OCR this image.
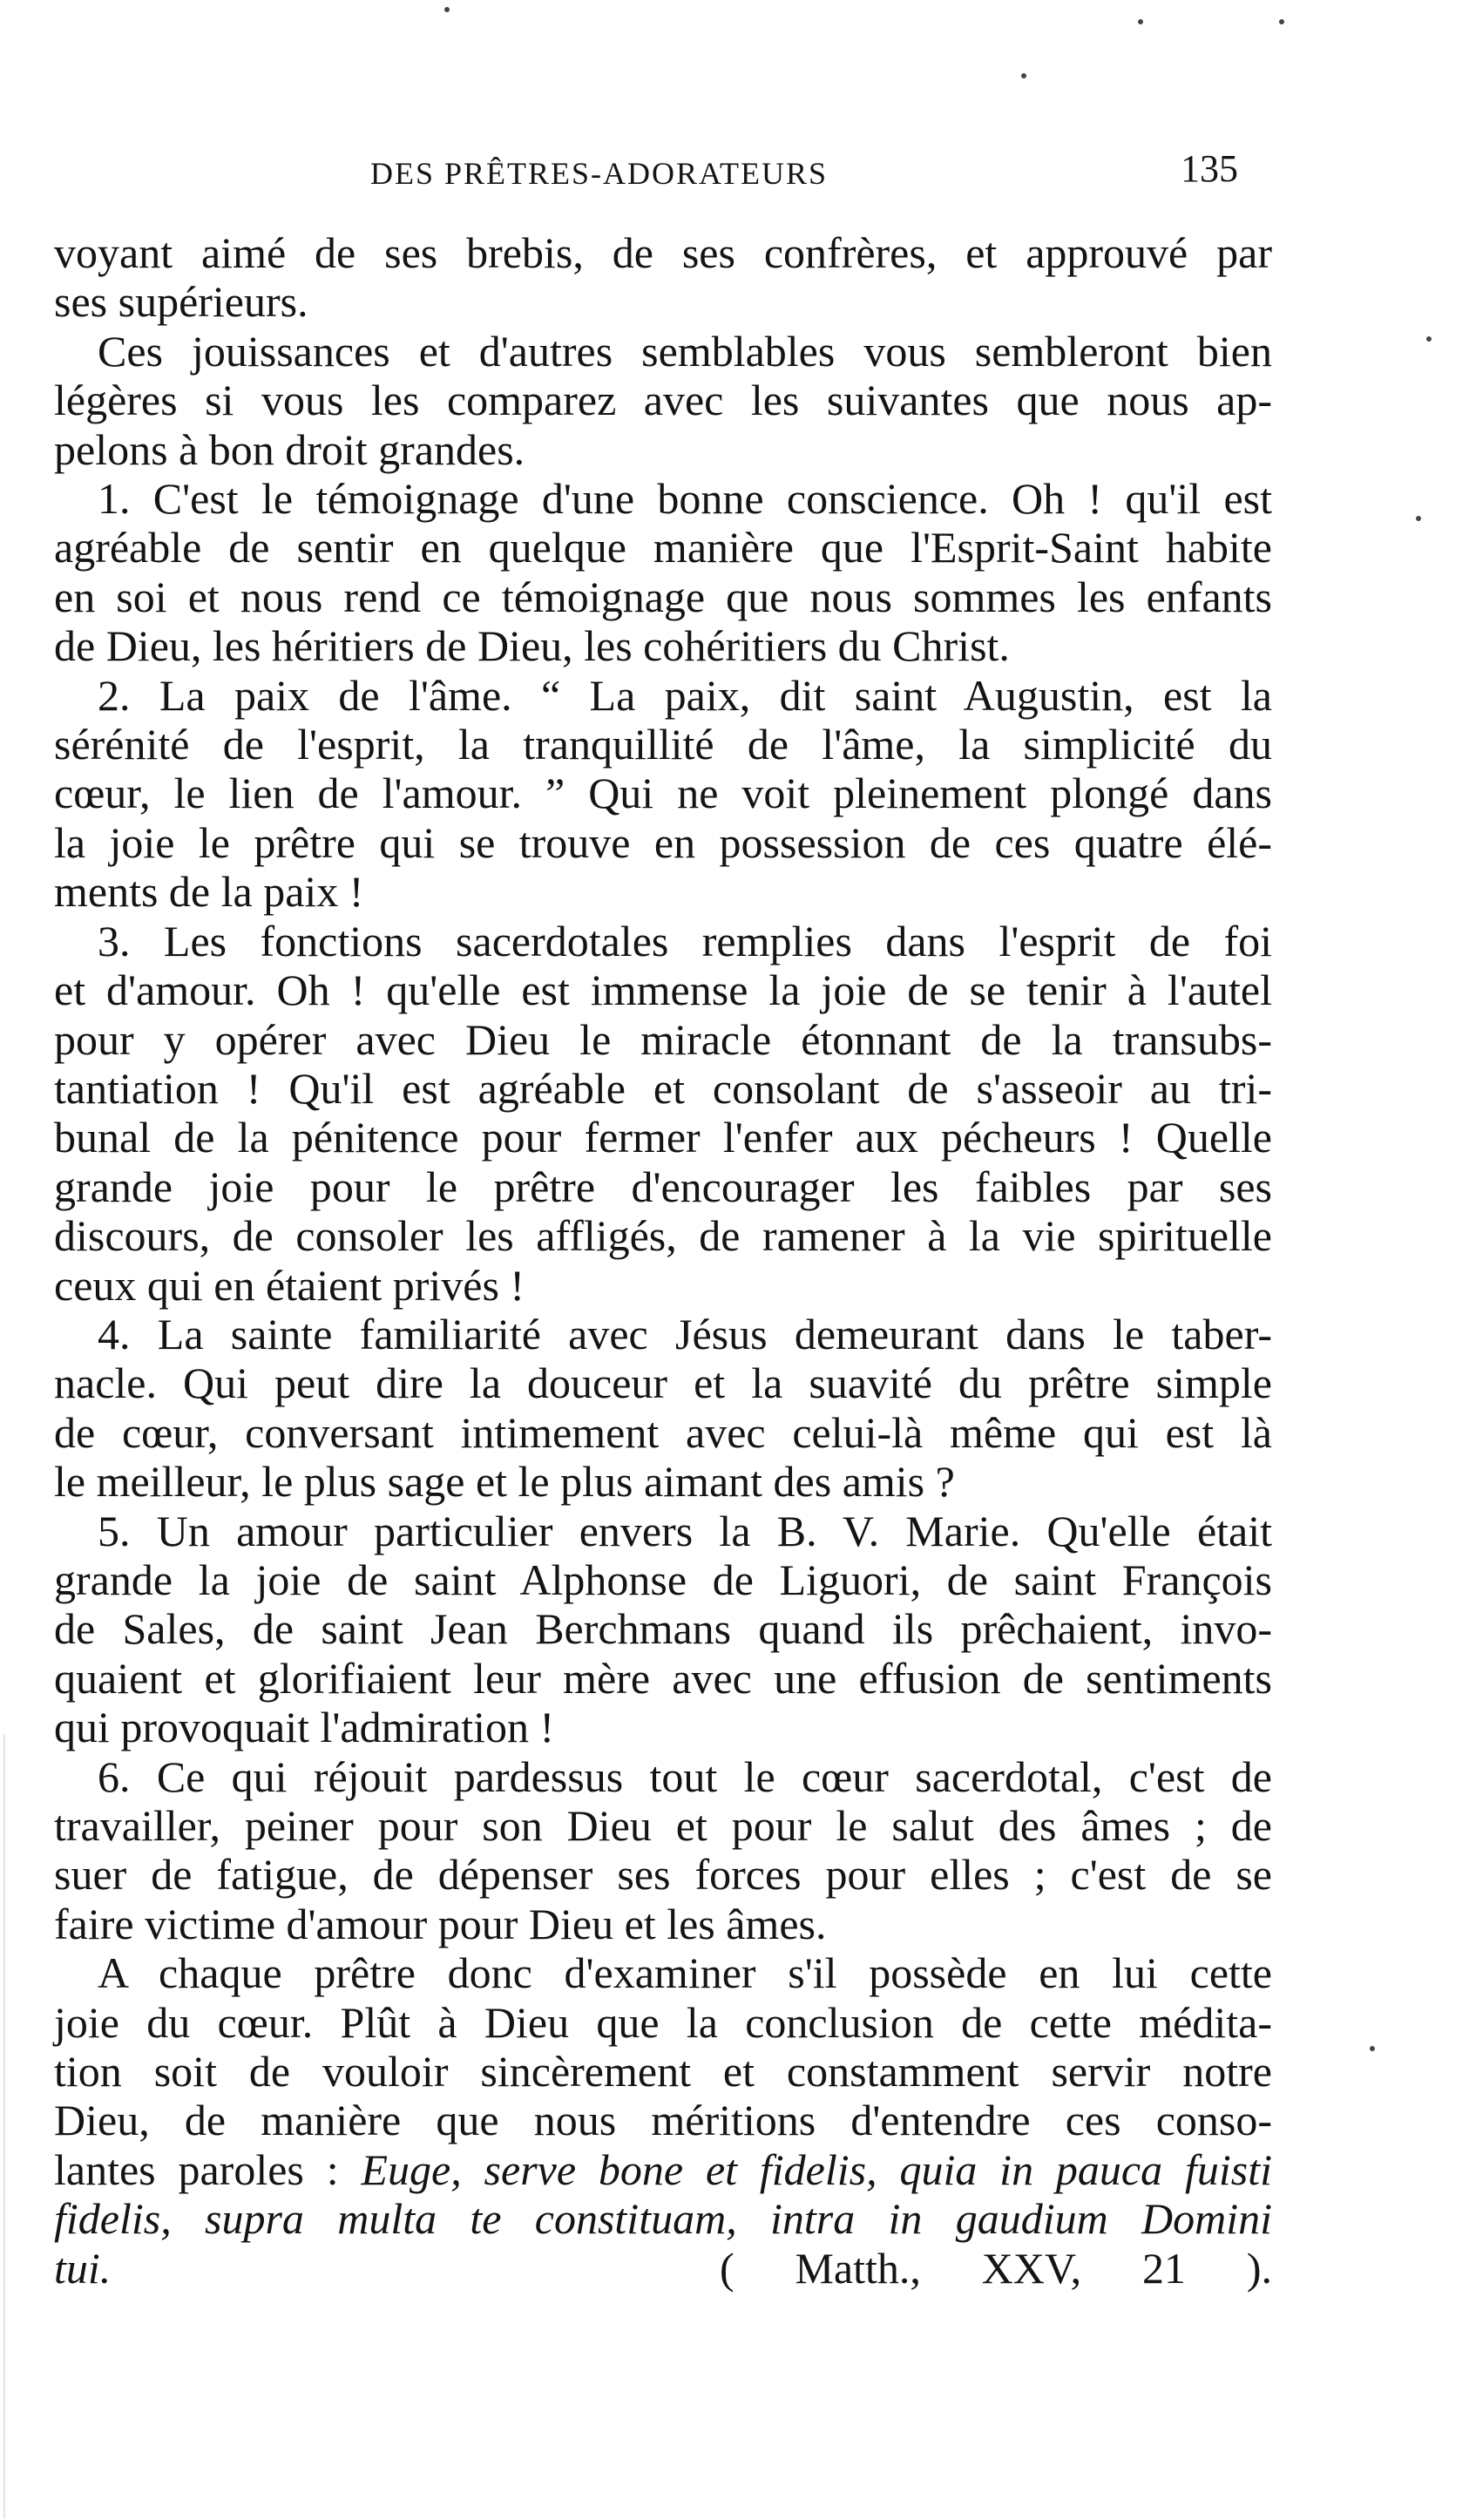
DES PRÊTRES-ADORATEURS	135

voyant aimé de ses brebis, de ses confrères, et approuvé par
ses supérieurs.

Ces jouissances et d'autres semblables vous sembleront bien
légères si vous les comparez avec les suivantes que nous ap-
pelons à bon droit grandes.

1. C'est le témoignage d'une bonne conscience. Oh ! qu'il est
agréable de sentir en quelque manière que l'Esprit-Saint habite
en soi et nous rend ce témoignage que nous sommes les enfants
de Dieu, les héritiers de Dieu, les cohéritiers du Christ.

2. La paix de l'âme. “ La paix, dit saint Augustin, est la
sérénité de l'esprit, la tranquillité de l'âme, la simplicité du
cœur, le lien de l'amour. ” Qui ne voit pleinement plongé dans
la joie le prêtre qui se trouve en possession de ces quatre élé-
ments de la paix !

3. Les fonctions sacerdotales remplies dans l'esprit de foi
et d'amour. Oh ! qu'elle est immense la joie de se tenir à l'autel
pour y opérer avec Dieu le miracle étonnant de la transubs-
tantiation ! Qu'il est agréable et consolant de s'asseoir au tri-
bunal de la pénitence pour fermer l'enfer aux pécheurs ! Quelle
grande joie pour le prêtre d'encourager les faibles par ses
discours, de consoler les affligés, de ramener à la vie spirituelle
ceux qui en étaient privés !

4. La sainte familiarité avec Jésus demeurant dans le taber-
nacle. Qui peut dire la douceur et la suavité du prêtre simple
de cœur, conversant intimement avec celui-là même qui est là
le meilleur, le plus sage et le plus aimant des amis ?

5. Un amour particulier envers la B. V. Marie. Qu'elle était
grande la joie de saint Alphonse de Liguori, de saint François
de Sales, de saint Jean Berchmans quand ils prêchaient, invo-
quaient et glorifiaient leur mère avec une effusion de sentiments
qui provoquait l'admiration !

6. Ce qui réjouit pardessus tout le cœur sacerdotal, c'est de
travailler, peiner pour son Dieu et pour le salut des âmes ; de
suer de fatigue, de dépenser ses forces pour elles ; c'est de se
faire victime d'amour pour Dieu et les âmes.

A chaque prêtre donc d'examiner s'il possède en lui cette
joie du cœur. Plût à Dieu que la conclusion de cette médita-
tion soit de vouloir sincèrement et constamment servir notre
Dieu, de manière que nous méritions d'entendre ces conso-
lantes paroles : Euge, serve bone et fidelis, quia in pauca fuisti
fidelis, supra multa te constituam, intra in gaudium Domini
tui.	( Matth., XXV, 21 ).
